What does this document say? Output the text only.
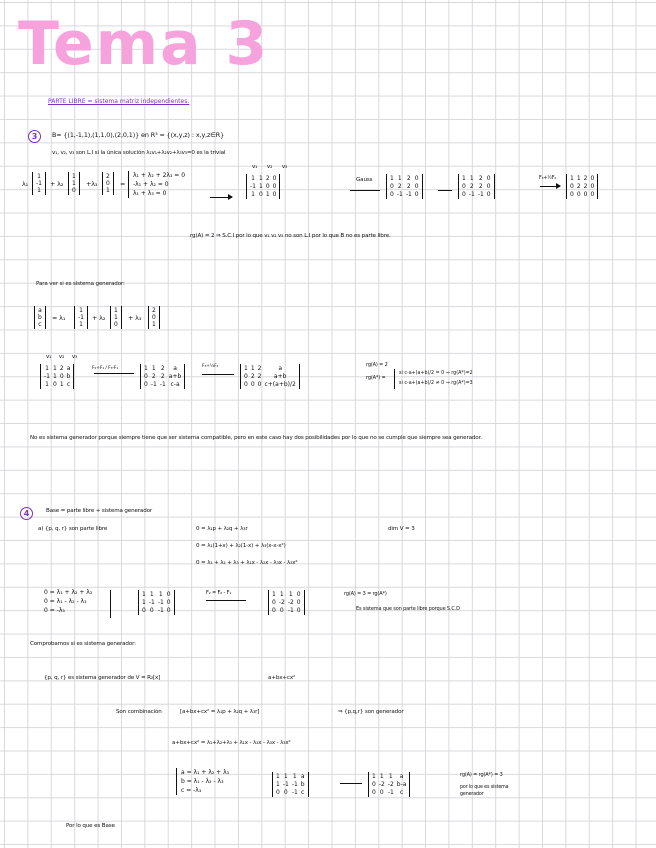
Tema 3
PARTE LIBRE = sistema matriz independientes.
3	B= {(1,-1,1),(1,1,0),(2,0,1)} en R³ = {(x,y,z) : x,y,z∈R}
v₁, v₂, v₃ son L.I si la única solución λ₁v₁+λ₂v₂+λ₃v₃=0 es la trivial
λ₁
1
-1
1
+ λ₂
1
1
0
+λ₃
2
0
1
=
λ₁ + λ₂ + 2λ₃ = 0
-λ₁ + λ₂ = 0
λ₁ + λ₃ = 0
v₁ v₂ v₃
1 1 2 0
-1 1 0 0
1 0 1 0
Gauss	1 1 2 0
0 2 2 0
0 -1 -1 0
1 1 2 0
0 2 2 0
0 -1 -1 0
F₃+½F₂ 1 1 2 0
0 2 2 0
0 0 0 0
rg(A) = 2 ⇒ S.C.I por lo que v₁ v₂ v₃ no son L.I por lo que B no es parte libre.
Para ver si es sistema generador:
a
b
c
= λ₁
1
-1
1
+ λ₂
1
1
0
+ λ₃
2
0
1
v₁ v₂ v₃
1 1 2 a
-1 1 0 b
1 0 1 c
F₂+F₁ / F₃-F₁	1 1 2	a
0 2 2 a+b
0 -1 -1 c-a
F₃+½F₂	1 1 2	a
0 2 2	a+b
0 0 0 c+(a+b)/2
rg(A) = 2
rg(A*) =
si c-a+(a+b)/2 = 0 ⇒ rg(A*)=2
si c-a+(a+b)/2 ≠ 0 ⇒ rg(A*)=3
No es sistema generador porque siempre tiene que ser sistema compatible, pero en este caso hay dos posibilidades por lo que no se cumple que siempre sea generador.
4	Base = parte libre + sistema generador
a) {p, q, r} son parte libre	dim V = 3
0 = λ₁p + λ₂q + λ₃r
0 = λ₁(1+x) + λ₂(1-x) + λ₃(x-x-x²)
0 = λ₁ + λ₂ + λ₃ + λ₁x - λ₂x - λ₃x - λ₃x²
0 = λ₁ + λ₂ + λ₃
0 = λ₁ - λ₂ - λ₃
0 = -λ₃
1 1 1 0
1 -1 -1 0
0 0 -1 0
F₂ = F₂ - F₁	1 1 1 0
0 -2 -2 0
0 0 -1 0
rg(A) = 3 = rg(A*)
Es sistema que son parte libre porque S.C.D
Comprobamos si es sistema generador:
{p, q, r} es sistema generador de V = R₂[x]	a+bx+cx²
Son combinación	[a+bx+cx² = λ₁p + λ₂q + λ₃r]	⇒ {p,q,r} son generador
a+bx+cx² = λ₁+λ₂+λ₃ + λ₁x - λ₂x - λ₃x - λ₃x²
a = λ₁ + λ₂ + λ₃
b = λ₁ - λ₂ - λ₃
c = -λ₃
1 1 1 a
1 -1 -1 b
0 0 -1 c
1 1 1	a
0 -2 -2 b-a
0 0 -1	c
rg(A) = rg(A*) = 3
por lo que es sistema generador
Por lo que es Base
